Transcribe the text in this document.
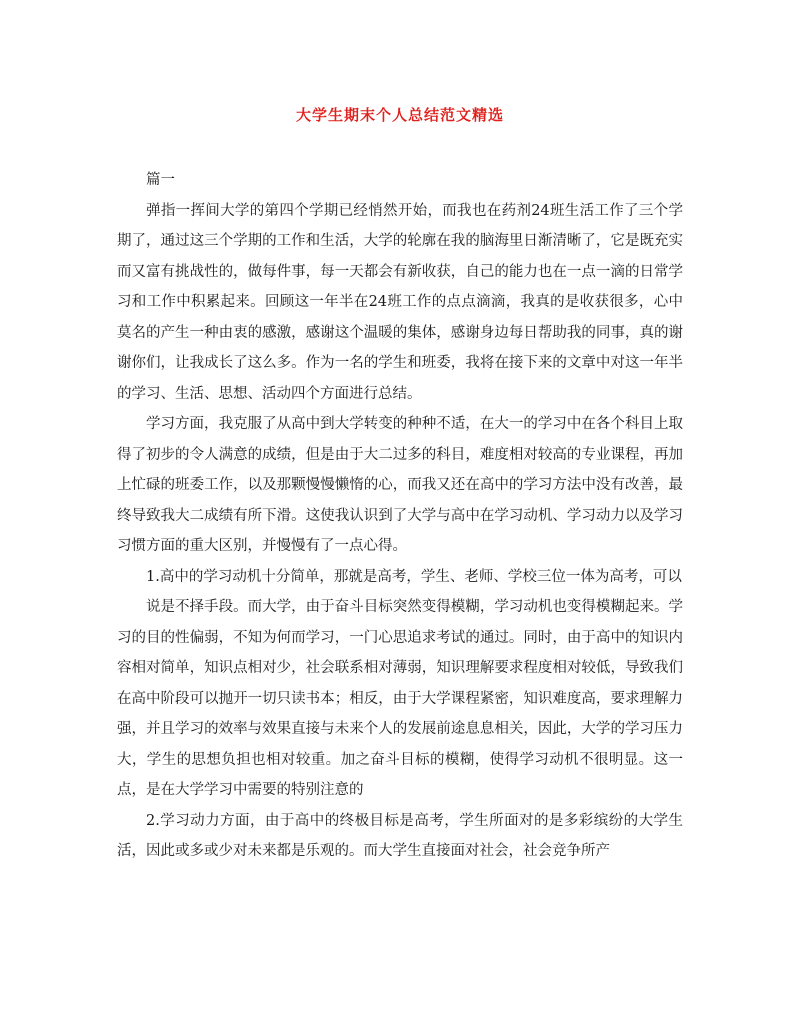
大学生期末个人总结范文精选

篇一

弹指一挥间大学的第四个学期已经悄然开始，而我也在药剂24班生活工作了三个学期了，通过这三个学期的工作和生活，大学的轮廓在我的脑海里日渐清晰了，它是既充实而又富有挑战性的，做每件事，每一天都会有新收获，自己的能力也在一点一滴的日常学习和工作中积累起来。回顾这一年半在24班工作的点点滴滴，我真的是收获很多，心中莫名的产生一种由衷的感激，感谢这个温暖的集体，感谢身边每日帮助我的同事，真的谢谢你们，让我成长了这么多。作为一名的学生和班委，我将在接下来的文章中对这一年半的学习、生活、思想、活动四个方面进行总结。

学习方面，我克服了从高中到大学转变的种种不适，在大一的学习中在各个科目上取得了初步的令人满意的成绩，但是由于大二过多的科目，难度相对较高的专业课程，再加上忙碌的班委工作，以及那颗慢慢懒惰的心，而我又还在高中的学习方法中没有改善，最终导致我大二成绩有所下滑。这使我认识到了大学与高中在学习动机、学习动力以及学习习惯方面的重大区别，并慢慢有了一点心得。

1.高中的学习动机十分简单，那就是高考，学生、老师、学校三位一体为高考，可以

说是不择手段。而大学，由于奋斗目标突然变得模糊，学习动机也变得模糊起来。学习的目的性偏弱，不知为何而学习，一门心思追求考试的通过。同时，由于高中的知识内容相对简单，知识点相对少，社会联系相对薄弱，知识理解要求程度相对较低，导致我们在高中阶段可以抛开一切只读书本；相反，由于大学课程紧密，知识难度高，要求理解力强，并且学习的效率与效果直接与未来个人的发展前途息息相关，因此，大学的学习压力大，学生的思想负担也相对较重。加之奋斗目标的模糊，使得学习动机不很明显。这一点，是在大学学习中需要的特别注意的

2.学习动力方面，由于高中的终极目标是高考，学生所面对的是多彩缤纷的大学生活，因此或多或少对未来都是乐观的。而大学生直接面对社会，社会竞争所产
